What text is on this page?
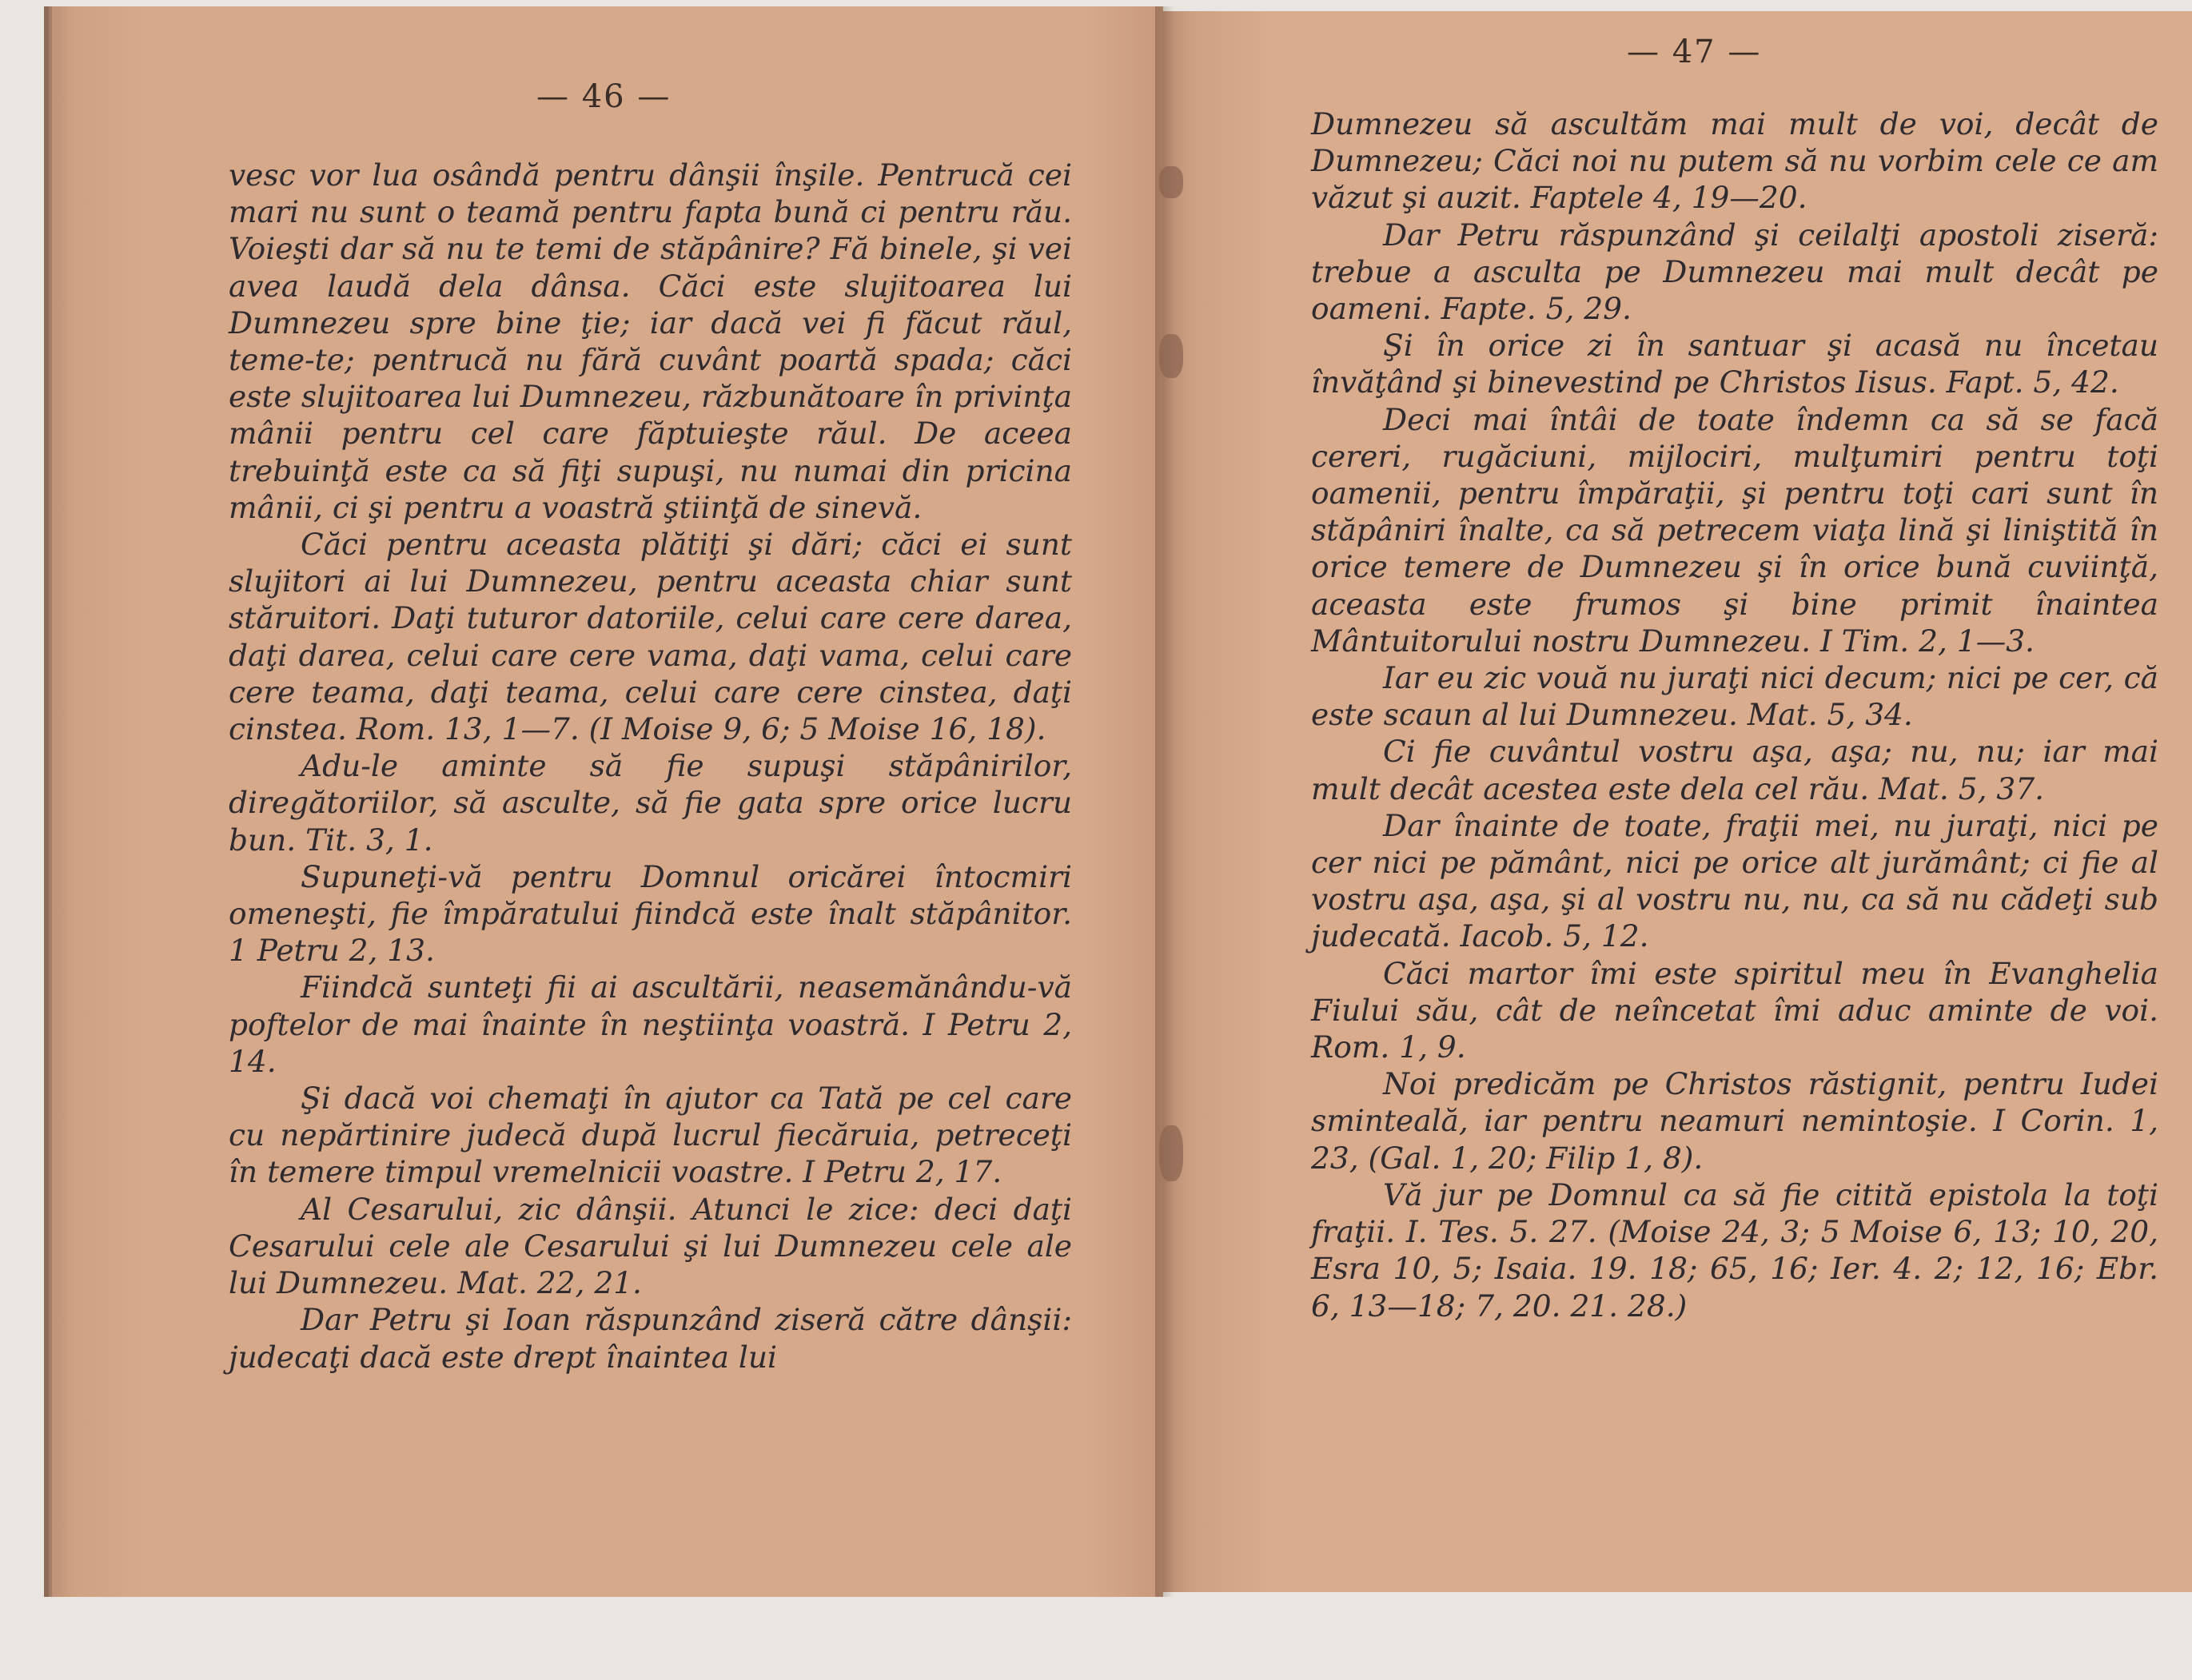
— 46 —

vesc vor lua osândă pentru dânşii înşile. Pentrucă cei mari nu sunt o teamă pentru fapta bună ci pentru rău. Voieşti dar să nu te temi de stăpânire? Fă binele, şi vei avea laudă dela dânsa. Căci este slujitoarea lui Dumnezeu spre bine ţie; iar dacă vei fi făcut răul, teme-te; pentrucă nu fără cuvânt poartă spada; căci este slujitoarea lui Dumnezeu, răzbunătoare în privinţa mânii pentru cel care făptuieşte răul. De aceea trebuinţă este ca să fiţi supuşi, nu numai din pricina mânii, ci şi pentru a voastră ştiinţă de sinevă.

Căci pentru aceasta plătiţi şi dări; căci ei sunt slujitori ai lui Dumnezeu, pentru aceasta chiar sunt stăruitori. Daţi tuturor datoriile, celui care cere darea, daţi darea, celui care cere vama, daţi vama, celui care cere teama, daţi teama, celui care cere cinstea, daţi cinstea. Rom. 13, 1—7. (I Moise 9, 6; 5 Moise 16, 18).

Adu-le aminte să fie supuşi stăpânirilor, diregătoriilor, să asculte, să fie gata spre orice lucru bun. Tit. 3, 1.

Supuneţi-vă pentru Domnul oricărei întocmiri omeneşti, fie împăratului fiindcă este înalt stăpânitor. 1 Petru 2, 13.

Fiindcă sunteţi fii ai ascultării, neasemănându-vă poftelor de mai înainte în neştiinţa voastră. I Petru 2, 14.

Şi dacă voi chemaţi în ajutor ca Tată pe cel care cu nepărtinire judecă după lucrul fiecăruia, petreceţi în temere timpul vremelnicii voastre. I Petru 2, 17.

Al Cesarului, zic dânşii. Atunci le zice: deci daţi Cesarului cele ale Cesarului şi lui Dumnezeu cele ale lui Dumnezeu. Mat. 22, 21.

Dar Petru şi Ioan răspunzând ziseră către dânşii: judecaţi dacă este drept înaintea lui

— 47 —

Dumnezeu să ascultăm mai mult de voi, decât de Dumnezeu; Căci noi nu putem să nu vorbim cele ce am văzut şi auzit. Faptele 4, 19—20.

Dar Petru răspunzând şi ceilalţi apostoli ziseră: trebue a asculta pe Dumnezeu mai mult decât pe oameni. Fapte. 5, 29.

Şi în orice zi în santuar şi acasă nu încetau învăţând şi binevestind pe Christos Iisus. Fapt. 5, 42.

Deci mai întâi de toate îndemn ca să se facă cereri, rugăciuni, mijlociri, mulţumiri pentru toţi oamenii, pentru împăraţii, şi pentru toţi cari sunt în stăpâniri înalte, ca să petrecem viaţa lină şi liniştită în orice temere de Dumnezeu şi în orice bună cuviinţă, aceasta este frumos şi bine primit înaintea Mântuitorului nostru Dumnezeu. I Tim. 2, 1—3.

Iar eu zic vouă nu juraţi nici decum; nici pe cer, că este scaun al lui Dumnezeu. Mat. 5, 34.

Ci fie cuvântul vostru aşa, aşa; nu, nu; iar mai mult decât acestea este dela cel rău. Mat. 5, 37.

Dar înainte de toate, fraţii mei, nu juraţi, nici pe cer nici pe pământ, nici pe orice alt jurământ; ci fie al vostru aşa, aşa, şi al vostru nu, nu, ca să nu cădeţi sub judecată. Iacob. 5, 12.

Căci martor îmi este spiritul meu în Evanghelia Fiului său, cât de neîncetat îmi aduc aminte de voi. Rom. 1, 9.

Noi predicăm pe Christos răstignit, pentru Iudei sminteală, iar pentru neamuri nemintoşie. I Corin. 1, 23, (Gal. 1, 20; Filip 1, 8).

Vă jur pe Domnul ca să fie citită epistola la toţi fraţii. I. Tes. 5. 27. (Moise 24, 3; 5 Moise 6, 13; 10, 20, Esra 10, 5; Isaia. 19. 18; 65, 16; Ier. 4. 2; 12, 16; Ebr. 6, 13—18; 7, 20. 21. 28.)
